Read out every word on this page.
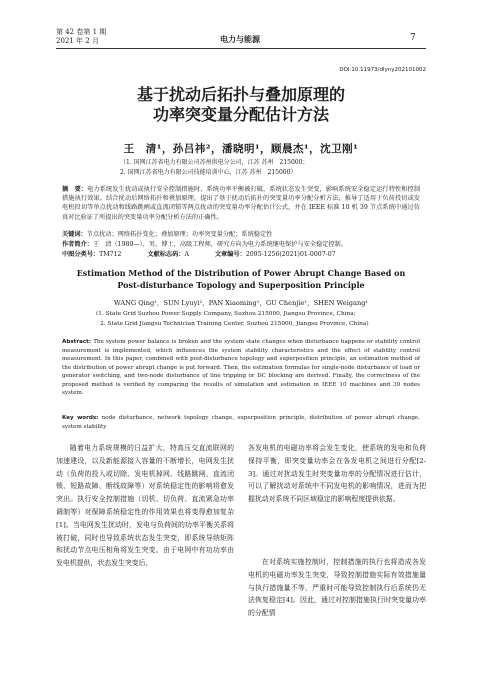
第 42 卷第 1 期
2021 年 2 月	电力与能源	7
DOI:10.11973/dlyny202101002
基于扰动后拓扑与叠加原理的
功率突变量分配估计方法
王　清¹，孙吕祎²，潘晓明¹，顾晨杰¹，沈卫刚¹
（1. 国网江苏省电力有限公司苏州供电分公司，江苏 苏州　215000；
2. 国网江苏省电力有限公司技能培训中心，江苏 苏州　215000）
摘　要：电力系统发生扰动或执行安全控制措施时，系统功率平衡被打破，系统状态发生突变，影响系统安全稳定运行特性和控制措施执行效果。结合扰动后网络拓扑和叠加原理，提出了基于扰动后拓扑的突变量功率分配分析方法，推导了适用于负荷投切或发电机投切等单点扰动和线路跳闸或直流闭锁等两点扰动的突变量功率分配估计公式，并在 IEEE 标准 10 机 39 节点系统中通过仿真对比验证了所提出的突变量功率分配分析方法的正确性。
关键词：节点扰动；网络拓扑变化；叠加原理；功率突变量分配；系统稳定性
作者简介：王　清（1989—），男，博士，高级工程师，研究方向为电力系统继电保护与安全稳定控制。
中图分类号：TM712	文献标志码：A	文章编号：2095-1256(2021)01-0007-07
Estimation Method of the Distribution of Power Abrupt Change Based on
Post-disturbance Topology and Superposition Principle
WANG Qing¹，SUN Lyuyi²，PAN Xiaoming¹，GU Chenjie¹，SHEN Weigang¹
(1. State Grid Suzhou Power Supply Company, Suzhou 215000, Jiangsu Province, China;
2. State Grid Jiangsu Technician Training Center, Suzhou 215000, Jiangsu Province, China)
Abstract: The system power balance is broken and the system state changes when disturbance happens or stability control measurement is implemented, which influences the system stability characteristics and the effect of stability control measurement. In this paper, combined with post-disturbance topology and superposition principle, an estimation method of the distribution of power abrupt change is put forward. Then, the estimation formulas for single-node disturbance of load or generator switching, and two-node disturbance of line tripping or DC blocking are derived. Finally, the correctness of the proposed method is verified by comparing the results of simulation and estimation in IEEE 10 machines and 39 nodes system.
Key words: node disturbance, network topology change, superposition principle, distribution of power abrupt change, system stability
随着电力系统规模的日益扩大，特高压交直流联网的加速建设，以及新能源接入容量的不断增长，电网发生扰动（负荷的投入或切除、发电机掉网、线路跳闸、直流闭锁、短路故障、断线故障等）对系统稳定性的影响将愈发突出。执行安全控制措施（切机、切负荷、直流紧急功率调制等）对保障系统稳定性的作用效果也将变得愈加复杂[1]。当电网发生扰动时，发电与负荷间的功率平衡关系将被打破，同时也导致系统状态发生突变，即系统导纳矩阵和扰动节点电压相角将发生突变。由于电网中有功功率由发电机提供，状态发生突变后，
各发电机的电磁功率将会发生变化，使系统的发电和负荷保持平衡，即突变量功率会在各发电机之间进行分配[2-3]。通过对扰动发生时突变量功率的分配情况进行估计，可以了解扰动对系统中不同发电机的影响情况，进而为把握扰动对系统不同区域稳定的影响程度提供依据。
在对系统实施控制时，控制措施的执行也将造成各发电机的电磁功率发生突变，导致控制措施实际有效措施量与执行措施量不等，严重时可能导致控制执行后系统仍无法恢复稳定[4]。因此，通过对控制措施执行时突变量功率的分配情
